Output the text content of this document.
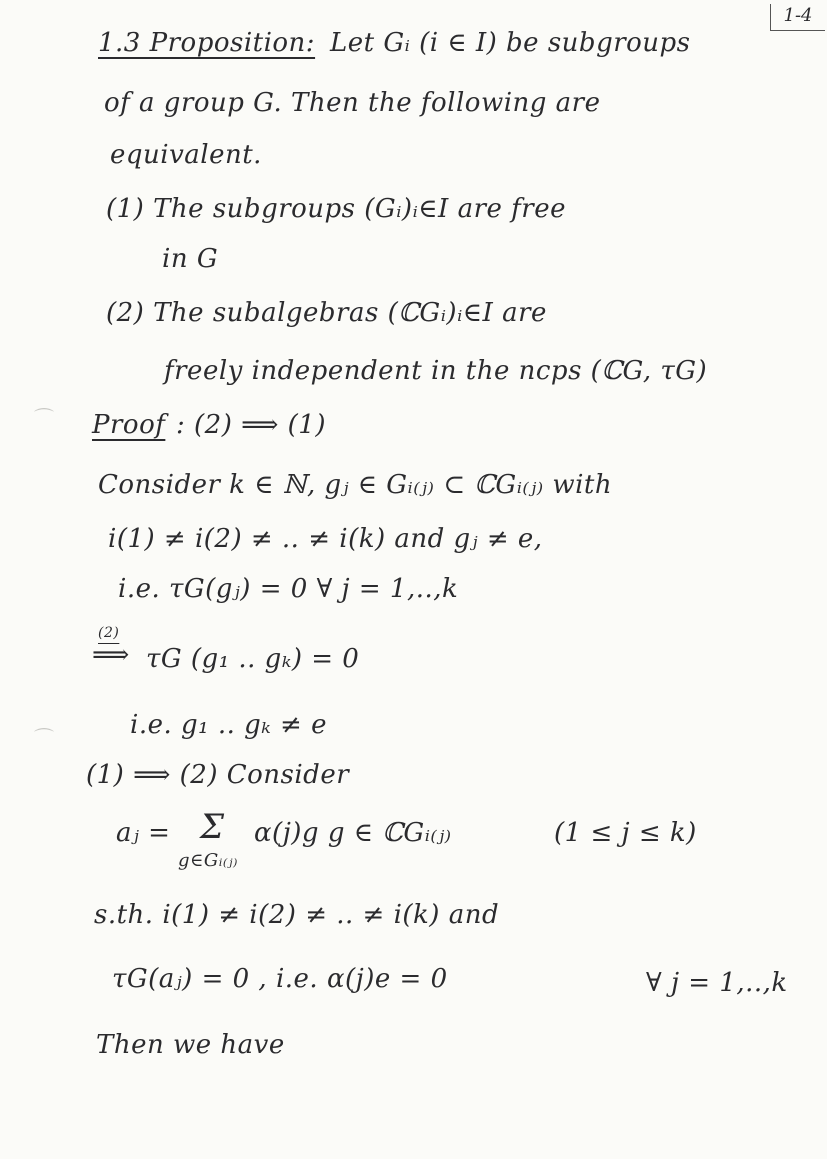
1-4
1.3 Proposition: Let Gᵢ (i ∈ I) be subgroups
of a group G. Then the following are
equivalent.
(1) The subgroups (Gᵢ)ᵢ∈I are free
in G
(2) The subalgebras (ℂGᵢ)ᵢ∈I are
freely independent in the ncps (ℂG, τG)
⌒ Proof : (2) ⟹ (1)
Consider k ∈ ℕ, gⱼ ∈ Gᵢ₍ⱼ₎ ⊂ ℂGᵢ₍ⱼ₎ with
i(1) ≠ i(2) ≠ .. ≠ i(k) and gⱼ ≠ e,
i.e. τG(gⱼ) = 0 ∀ j = 1,..,k
(2)
⟹ τG (g₁ .. gₖ) = 0
⌒	i.e. g₁ .. gₖ ≠ e
(1) ⟹ (2) Consider
aⱼ = Σ
g∈Gᵢ₍ⱼ₎
α(j)g g ∈ ℂGᵢ₍ⱼ₎	(1 ≤ j ≤ k)
s.th. i(1) ≠ i(2) ≠ .. ≠ i(k) and
τG(aⱼ) = 0 , i.e. α(j)e = 0	∀ j = 1,..,k
Then we have
